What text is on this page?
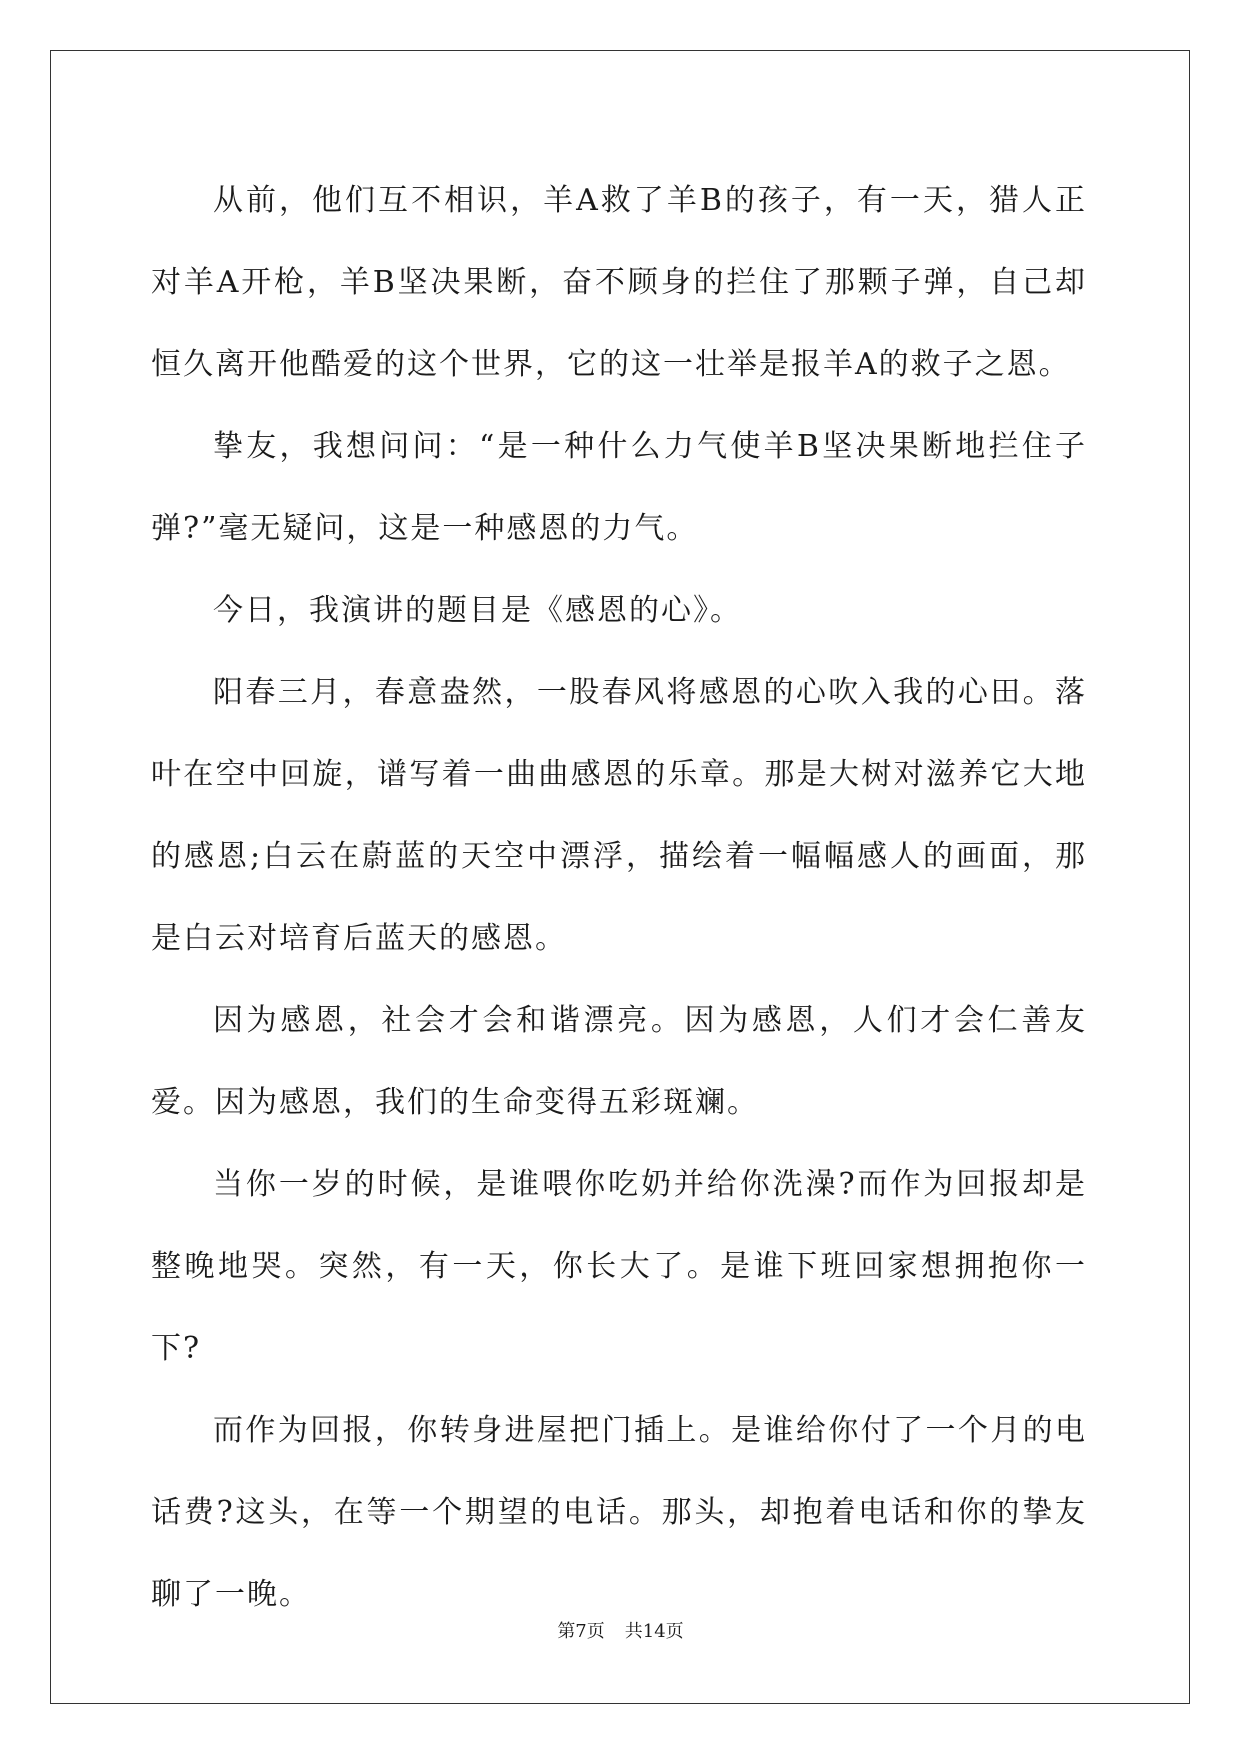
从前，他们互不相识，羊A救了羊B的孩子，有一天，猎人正对羊A开枪，羊B坚决果断，奋不顾身的拦住了那颗子弹，自己却恒久离开他酷爱的这个世界，它的这一壮举是报羊A的救子之恩。

挚友，我想问问：“是一种什么力气使羊B坚决果断地拦住子弹?”毫无疑问，这是一种感恩的力气。

今日，我演讲的题目是《感恩的心》。

阳春三月，春意盎然，一股春风将感恩的心吹入我的心田。落叶在空中回旋，谱写着一曲曲感恩的乐章。那是大树对滋养它大地的感恩;白云在蔚蓝的天空中漂浮，描绘着一幅幅感人的画面，那是白云对培育后蓝天的感恩。

因为感恩，社会才会和谐漂亮。因为感恩，人们才会仁善友爱。因为感恩，我们的生命变得五彩斑斓。

当你一岁的时候，是谁喂你吃奶并给你洗澡?而作为回报却是整晚地哭。突然，有一天，你长大了。是谁下班回家想拥抱你一下?

而作为回报，你转身进屋把门插上。是谁给你付了一个月的电话费?这头，在等一个期望的电话。那头，却抱着电话和你的挚友聊了一晚。

第7页 共14页
